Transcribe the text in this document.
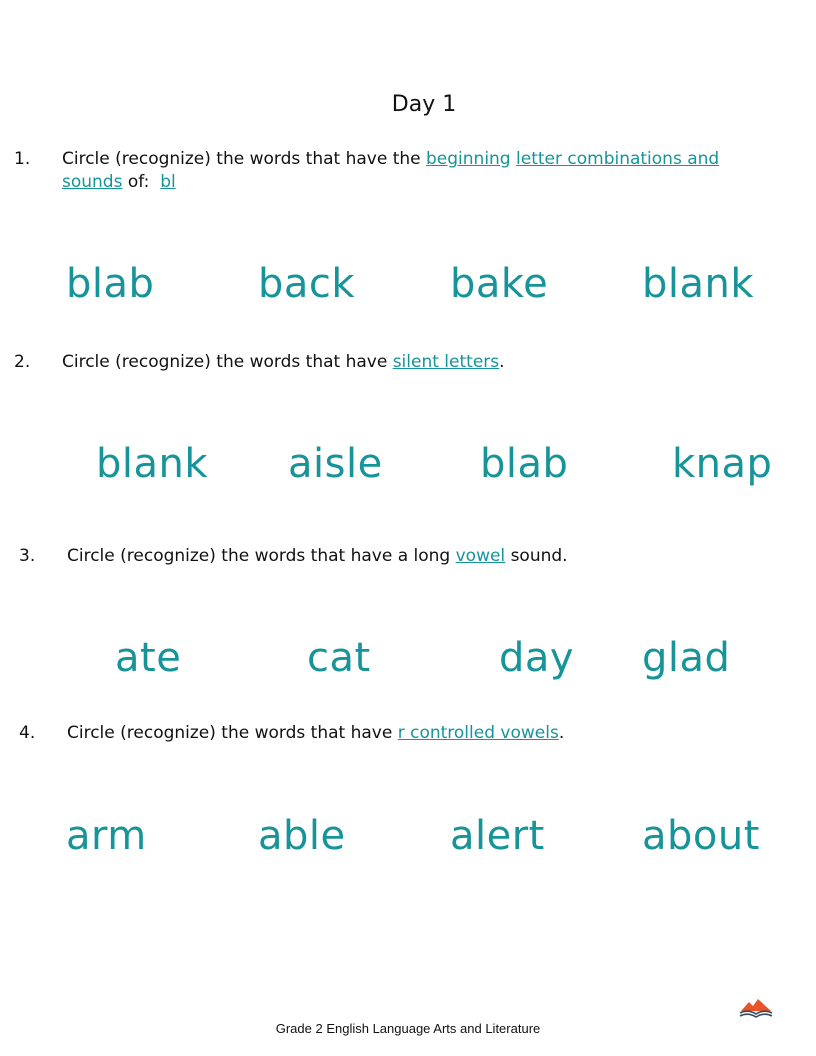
Day 1
1. Circle (recognize) the words that have the beginning letter combinations and
sounds of:  bl
blab	back bake blank
2. Circle (recognize) the words that have silent letters.
blank aisle blab	knap
3. Circle (recognize) the words that have a long vowel sound.
ate	cat	day glad
4. Circle (recognize) the words that have r controlled vowels.
arm	able	alert about
Grade 2 English Language Arts and Literature
